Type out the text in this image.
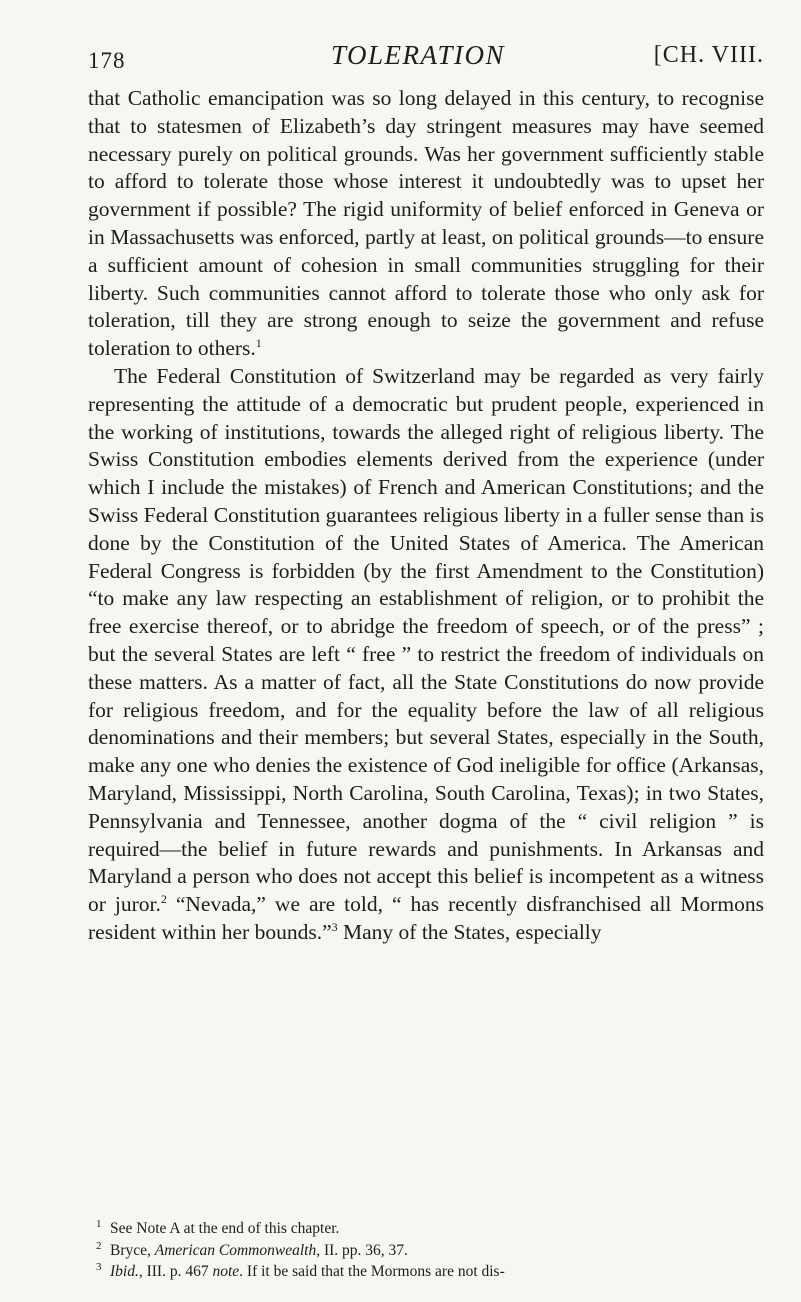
178	TOLERATION	[CH. VIII.

that Catholic emancipation was so long delayed in this century, to recognise that to statesmen of Elizabeth’s day stringent measures may have seemed necessary purely on political grounds. Was her government sufficiently stable to afford to tolerate those whose interest it undoubtedly was to upset her government if possible? The rigid uniformity of belief enforced in Geneva or in Massachusetts was enforced, partly at least, on political grounds—to ensure a sufficient amount of cohesion in small communities struggling for their liberty. Such communities cannot afford to tolerate those who only ask for toleration, till they are strong enough to seize the government and refuse toleration to others.$^1$

The Federal Constitution of Switzerland may be regarded as very fairly representing the attitude of a democratic but prudent people, experienced in the working of institutions, towards the alleged right of religious liberty. The Swiss Constitution embodies elements derived from the experience (under which I include the mistakes) of French and American Constitutions; and the Swiss Federal Constitution guarantees religious liberty in a fuller sense than is done by the Constitution of the United States of America. The American Federal Congress is forbidden (by the first Amendment to the Constitution) “to make any law respecting an establishment of religion, or to prohibit the free exercise thereof, or to abridge the freedom of speech, or of the press” ; but the several States are left “ free ” to restrict the freedom of individuals on these matters. As a matter of fact, all the State Constitutions do now provide for religious freedom, and for the equality before the law of all religious denominations and their members; but several States, especially in the South, make any one who denies the existence of God ineligible for office (Arkansas, Maryland, Mississippi, North Carolina, South Carolina, Texas); in two States, Pennsylvania and Tennessee, another dogma of the “ civil religion ” is required—the belief in future rewards and punishments. In Arkansas and Maryland a person who does not accept this belief is incompetent as a witness or juror.$^2$ “Nevada,” we are told, “ has recently disfranchised all Mormons resident within her bounds.”$^3$ Many of the States, especially

1 See Note A at the end of this chapter.
2 Bryce, American Commonwealth, II. pp. 36, 37.
3 Ibid., III. p. 467 note. If it be said that the Mormons are not dis-
